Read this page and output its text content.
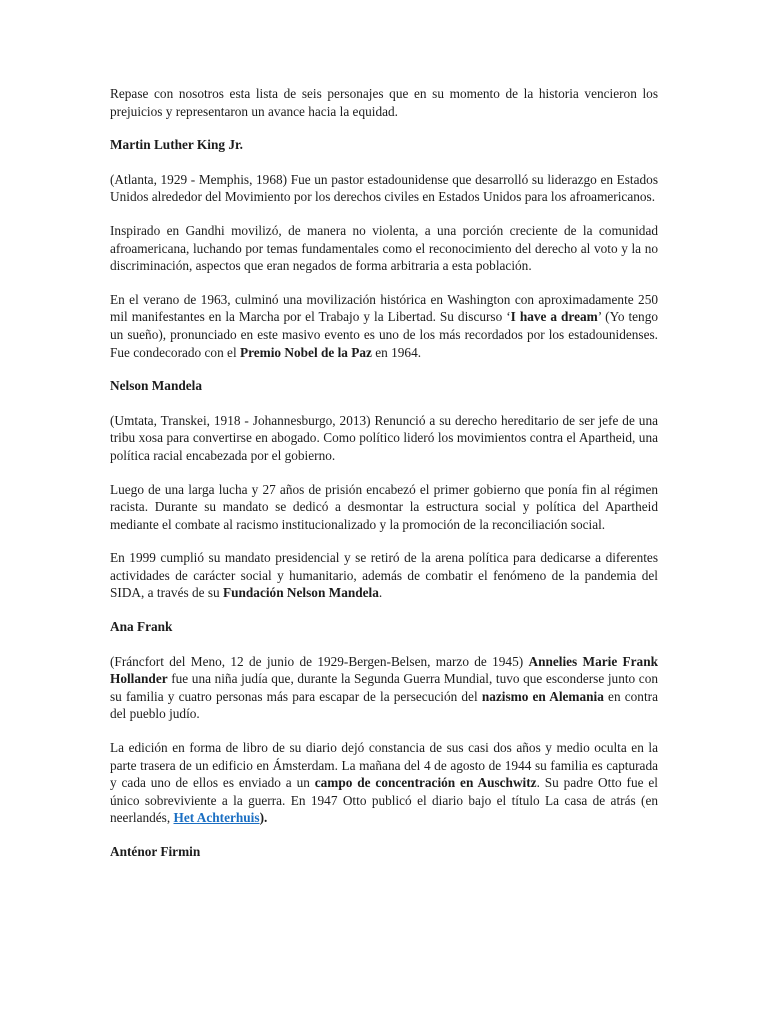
Repase con nosotros esta lista de seis personajes que en su momento de la historia vencieron los prejuicios y representaron un avance hacia la equidad.

Martin Luther King Jr.

(Atlanta, 1929 - Memphis, 1968) Fue un pastor estadounidense que desarrolló su liderazgo en Estados Unidos alrededor del Movimiento por los derechos civiles en Estados Unidos para los afroamericanos.

Inspirado en Gandhi movilizó, de manera no violenta, a una porción creciente de la comunidad afroamericana, luchando por temas fundamentales como el reconocimiento del derecho al voto y la no discriminación, aspectos que eran negados de forma arbitraria a esta población.

En el verano de 1963, culminó una movilización histórica en Washington con aproximadamente 250 mil manifestantes en la Marcha por el Trabajo y la Libertad. Su discurso ‘I have a dream’ (Yo tengo un sueño), pronunciado en este masivo evento es uno de los más recordados por los estadounidenses. Fue condecorado con el Premio Nobel de la Paz en 1964.

Nelson Mandela

(Umtata, Transkei, 1918 - Johannesburgo, 2013) Renunció a su derecho hereditario de ser jefe de una tribu xosa para convertirse en abogado. Como político lideró los movimientos contra el Apartheid, una política racial encabezada por el gobierno.

Luego de una larga lucha y 27 años de prisión encabezó el primer gobierno que ponía fin al régimen racista. Durante su mandato se dedicó a desmontar la estructura social y política del Apartheid mediante el combate al racismo institucionalizado y la promoción de la reconciliación social.

En 1999 cumplió su mandato presidencial y se retiró de la arena política para dedicarse a diferentes actividades de carácter social y humanitario, además de combatir el fenómeno de la pandemia del SIDA, a través de su Fundación Nelson Mandela.

Ana Frank

(Fráncfort del Meno, 12 de junio de 1929-Bergen-Belsen, marzo de 1945) Annelies Marie Frank Hollander fue una niña judía que, durante la Segunda Guerra Mundial, tuvo que esconderse junto con su familia y cuatro personas más para escapar de la persecución del nazismo en Alemania en contra del pueblo judío.

La edición en forma de libro de su diario dejó constancia de sus casi dos años y medio oculta en la parte trasera de un edificio en Ámsterdam. La mañana del 4 de agosto de 1944 su familia es capturada y cada uno de ellos es enviado a un campo de concentración en Auschwitz. Su padre Otto fue el único sobreviviente a la guerra. En 1947 Otto publicó el diario bajo el título La casa de atrás (en neerlandés, Het Achterhuis).

Anténor Firmin
